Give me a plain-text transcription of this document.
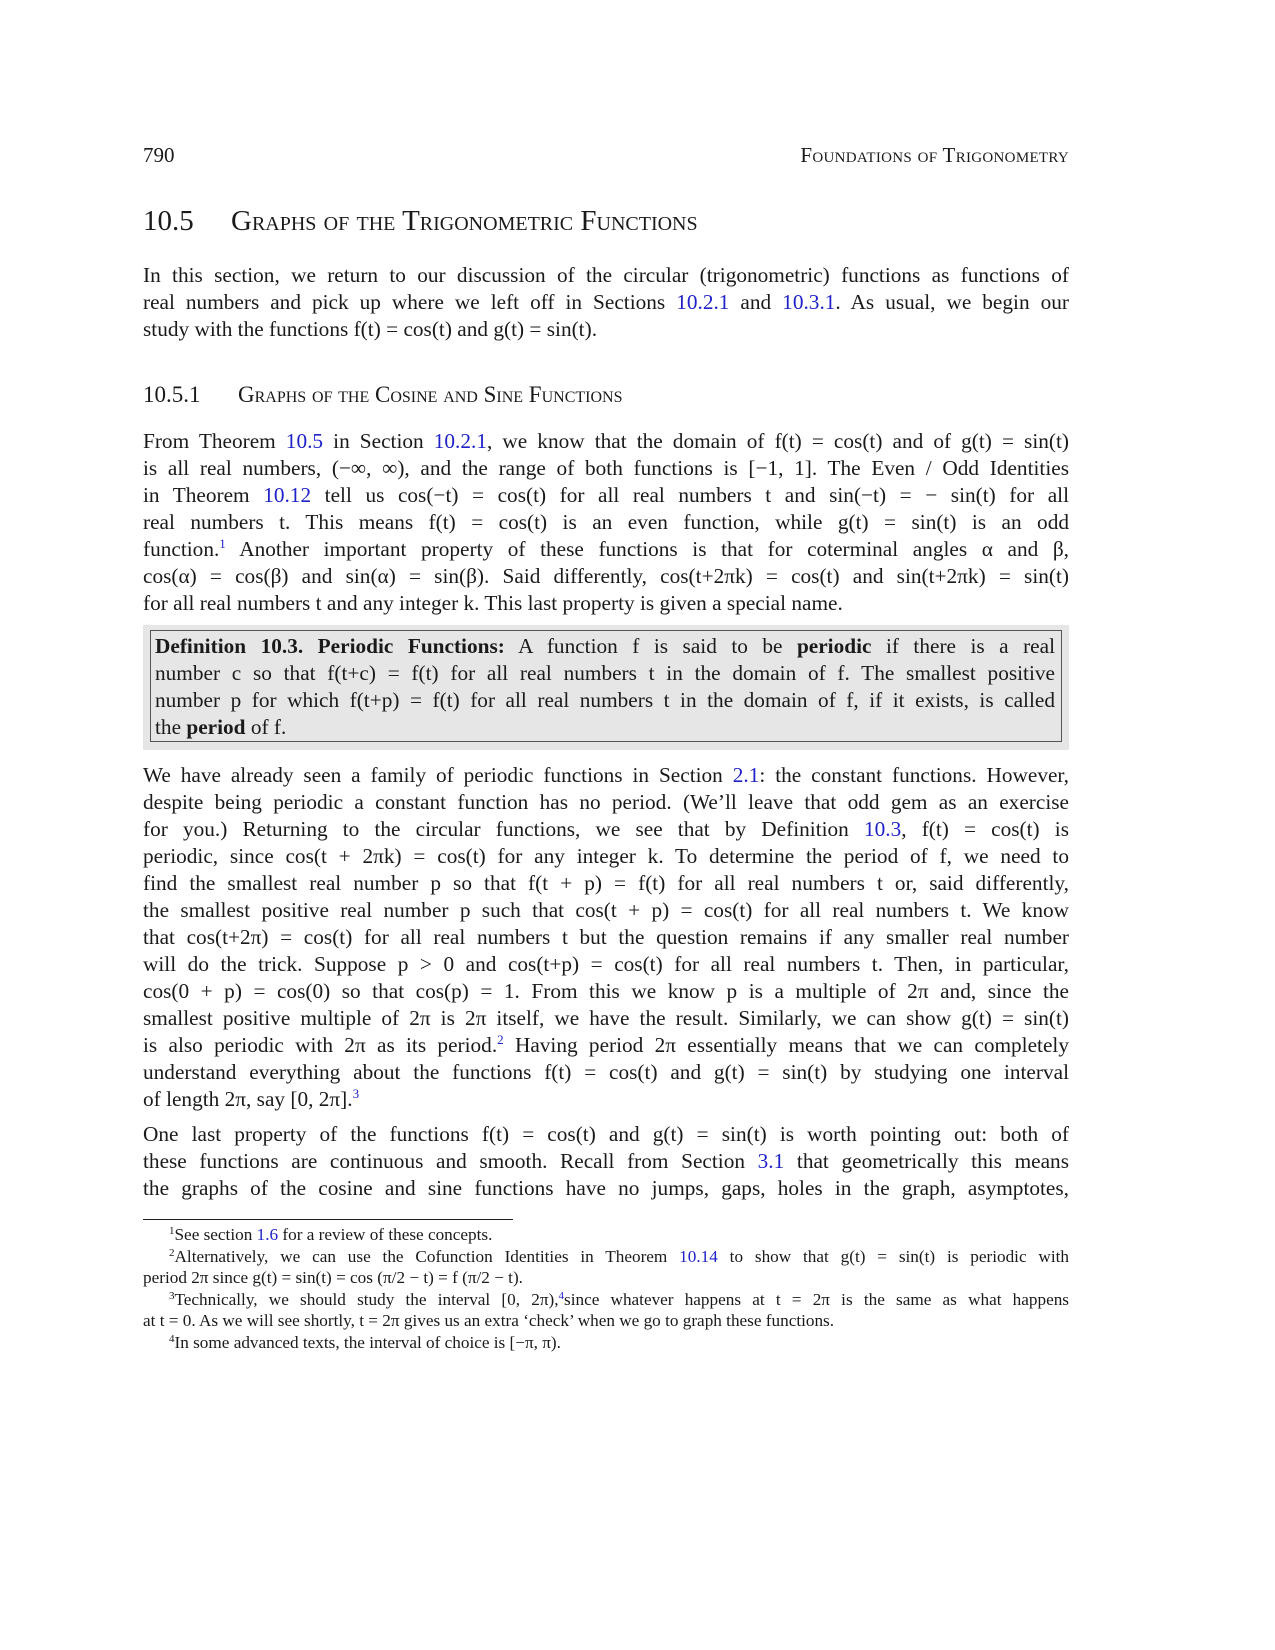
790	Foundations of Trigonometry
10.5 Graphs of the Trigonometric Functions
In this section, we return to our discussion of the circular (trigonometric) functions as functions of
real numbers and pick up where we left off in Sections 10.2.1 and 10.3.1. As usual, we begin our
study with the functions f(t) = cos(t) and g(t) = sin(t).
10.5.1 Graphs of the Cosine and Sine Functions
From Theorem 10.5 in Section 10.2.1, we know that the domain of f(t) = cos(t) and of g(t) = sin(t)
is all real numbers, (−∞, ∞), and the range of both functions is [−1, 1]. The Even / Odd Identities
in Theorem 10.12 tell us cos(−t) = cos(t) for all real numbers t and sin(−t) = − sin(t) for all
real numbers t. This means f(t) = cos(t) is an even function, while g(t) = sin(t) is an odd
function.$^1$ Another important property of these functions is that for coterminal angles α and β,
cos(α) = cos(β) and sin(α) = sin(β). Said differently, cos(t+2πk) = cos(t) and sin(t+2πk) = sin(t)
for all real numbers t and any integer k. This last property is given a special name.
Definition 10.3. Periodic Functions: A function f is said to be periodic if there is a real
number c so that f(t+c) = f(t) for all real numbers t in the domain of f. The smallest positive
number p for which f(t+p) = f(t) for all real numbers t in the domain of f, if it exists, is called
the period of f.
We have already seen a family of periodic functions in Section 2.1: the constant functions. However,
despite being periodic a constant function has no period. (We’ll leave that odd gem as an exercise
for you.) Returning to the circular functions, we see that by Definition 10.3, f(t) = cos(t) is
periodic, since cos(t + 2πk) = cos(t) for any integer k. To determine the period of f, we need to
find the smallest real number p so that f(t + p) = f(t) for all real numbers t or, said differently,
the smallest positive real number p such that cos(t + p) = cos(t) for all real numbers t. We know
that cos(t+2π) = cos(t) for all real numbers t but the question remains if any smaller real number
will do the trick. Suppose p > 0 and cos(t+p) = cos(t) for all real numbers t. Then, in particular,
cos(0 + p) = cos(0) so that cos(p) = 1. From this we know p is a multiple of 2π and, since the
smallest positive multiple of 2π is 2π itself, we have the result. Similarly, we can show g(t) = sin(t)
is also periodic with 2π as its period.$^2$ Having period 2π essentially means that we can completely
understand everything about the functions f(t) = cos(t) and g(t) = sin(t) by studying one interval
of length 2π, say [0, 2π].$^3$
One last property of the functions f(t) = cos(t) and g(t) = sin(t) is worth pointing out: both of
these functions are continuous and smooth. Recall from Section 3.1 that geometrically this means
the graphs of the cosine and sine functions have no jumps, gaps, holes in the graph, asymptotes,
$^1$See section 1.6 for a review of these concepts.
$^2$Alternatively, we can use the Cofunction Identities in Theorem 10.14 to show that g(t) = sin(t) is periodic with
period 2π since g(t) = sin(t) = cos (π/2 − t) = f (π/2 − t).
$^3$Technically, we should study the interval [0, 2π),$^4$since whatever happens at t = 2π is the same as what happens
at t = 0. As we will see shortly, t = 2π gives us an extra ‘check’ when we go to graph these functions.
$^4$In some advanced texts, the interval of choice is [−π, π).
